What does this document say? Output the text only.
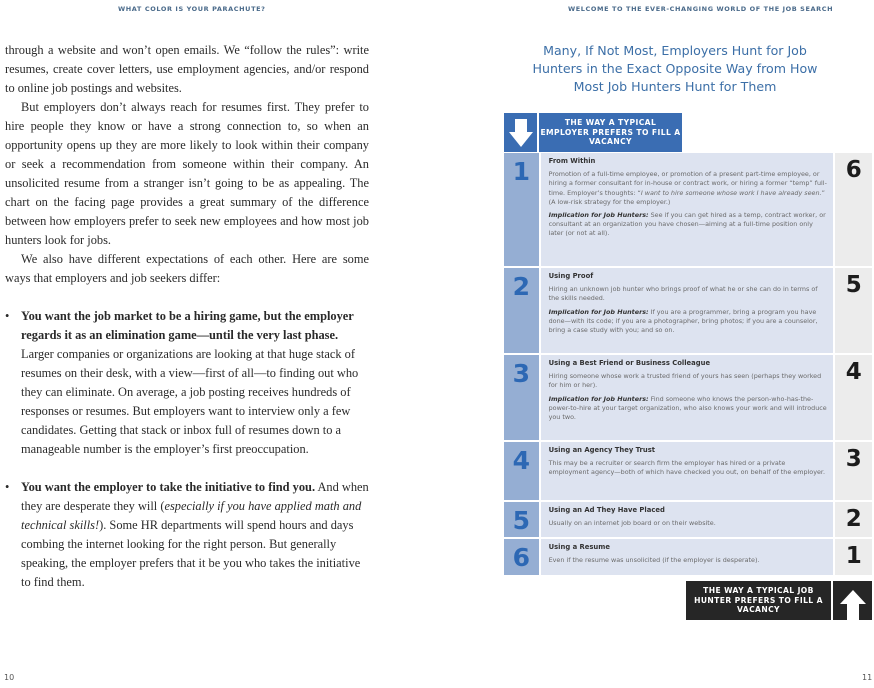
WHAT COLOR IS YOUR PARACHUTE?	WELCOME TO THE EVER-CHANGING WORLD OF THE JOB SEARCH

through a website and won’t open emails. We “follow the rules”: write resumes, create cover letters, use employment agencies, and/or respond to online job postings and websites.

But employers don’t always reach for resumes first. They prefer to hire people they know or have a strong connection to, so when an opportunity opens up they are more likely to look within their company or seek a recommendation from someone within their company. An unsolicited resume from a stranger isn’t going to be as appealing. The chart on the facing page provides a great summary of the difference between how employers prefer to seek new employees and how most job hunters look for jobs.

We also have different expectations of each other. Here are some ways that employers and job seekers differ:

• You want the job market to be a hiring game, but the employer regards it as an elimination game—until the very last phase. Larger companies or organizations are looking at that huge stack of resumes on their desk, with a view—first of all—to finding out who they can eliminate. On average, a job posting receives hundreds of responses or resumes. But employers want to interview only a few candidates. Getting that stack or inbox full of resumes down to a manageable number is the employer’s first preoccupation.
• You want the employer to take the initiative to find you. And when they are desperate they will (especially if you have applied math and technical skills!). Some HR departments will spend hours and days combing the internet looking for the right person. But generally speaking, the employer prefers that it be you who takes the initiative to find them.
Many, If Not Most, Employers Hunt for Job Hunters in the Exact Opposite Way from How Most Job Hunters Hunt for Them
THE WAY A TYPICAL EMPLOYER PREFERS TO FILL A VACANCY
1	From Within
Promotion of a full-time employee, or promotion of a present part-time employee, or hiring a former consultant for in-house or contract work, or hiring a former “temp” full-time. Employer’s thoughts: “I want to hire someone whose work I have already seen.” (A low-risk strategy for the employer.)
Implication for Job Hunters: See if you can get hired as a temp, contract worker, or consultant at an organization you have chosen—aiming at a full-time position only later (or not at all).
6
2	Using Proof
Hiring an unknown job hunter who brings proof of what he or she can do in terms of the skills needed.
Implication for Job Hunters: If you are a programmer, bring a program you have done—with its code; if you are a photographer, bring photos; if you are a counselor, bring a case study with you; and so on.
5
3	Using a Best Friend or Business Colleague
Hiring someone whose work a trusted friend of yours has seen (perhaps they worked for him or her).
Implication for Job Hunters: Find someone who knows the person-who-has-the-power-to-hire at your target organization, who also knows your work and will introduce you two.
4
4	Using an Agency They Trust
This may be a recruiter or search firm the employer has hired or a private employment agency—both of which have checked you out, on behalf of the employer.
3
5	Using an Ad They Have Placed
Usually on an internet job board or on their website.	2
6	Using a Resume
Even if the resume was unsolicited (if the employer is desperate).	1
THE WAY A TYPICAL JOB HUNTER PREFERS TO FILL A VACANCY
10	11
